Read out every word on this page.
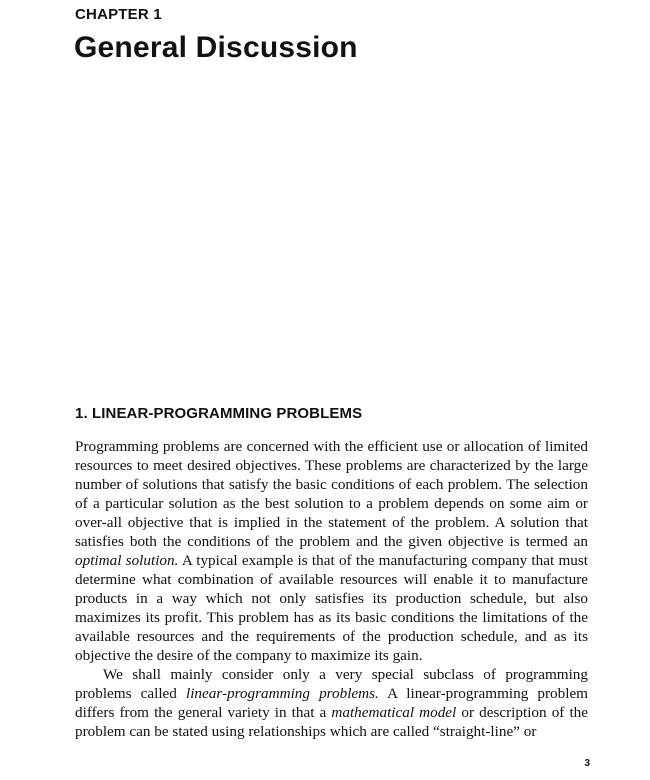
CHAPTER 1
General Discussion
1. LINEAR-PROGRAMMING PROBLEMS

Programming problems are concerned with the efficient use or allocation of limited resources to meet desired objectives. These problems are characterized by the large number of solutions that satisfy the basic conditions of each problem. The selection of a particular solution as the best solution to a problem depends on some aim or over-all objective that is implied in the statement of the problem. A solution that satisfies both the conditions of the problem and the given objective is termed an optimal solution. A typical example is that of the manufacturing company that must determine what combination of available resources will enable it to manufacture products in a way which not only satisfies its production schedule, but also maximizes its profit. This problem has as its basic conditions the limitations of the available resources and the requirements of the production schedule, and as its objective the desire of the company to maximize its gain.

We shall mainly consider only a very special subclass of programming problems called linear-programming problems. A linear-programming problem differs from the general variety in that a mathematical model or description of the problem can be stated using relationships which are called “straight-line” or

3
